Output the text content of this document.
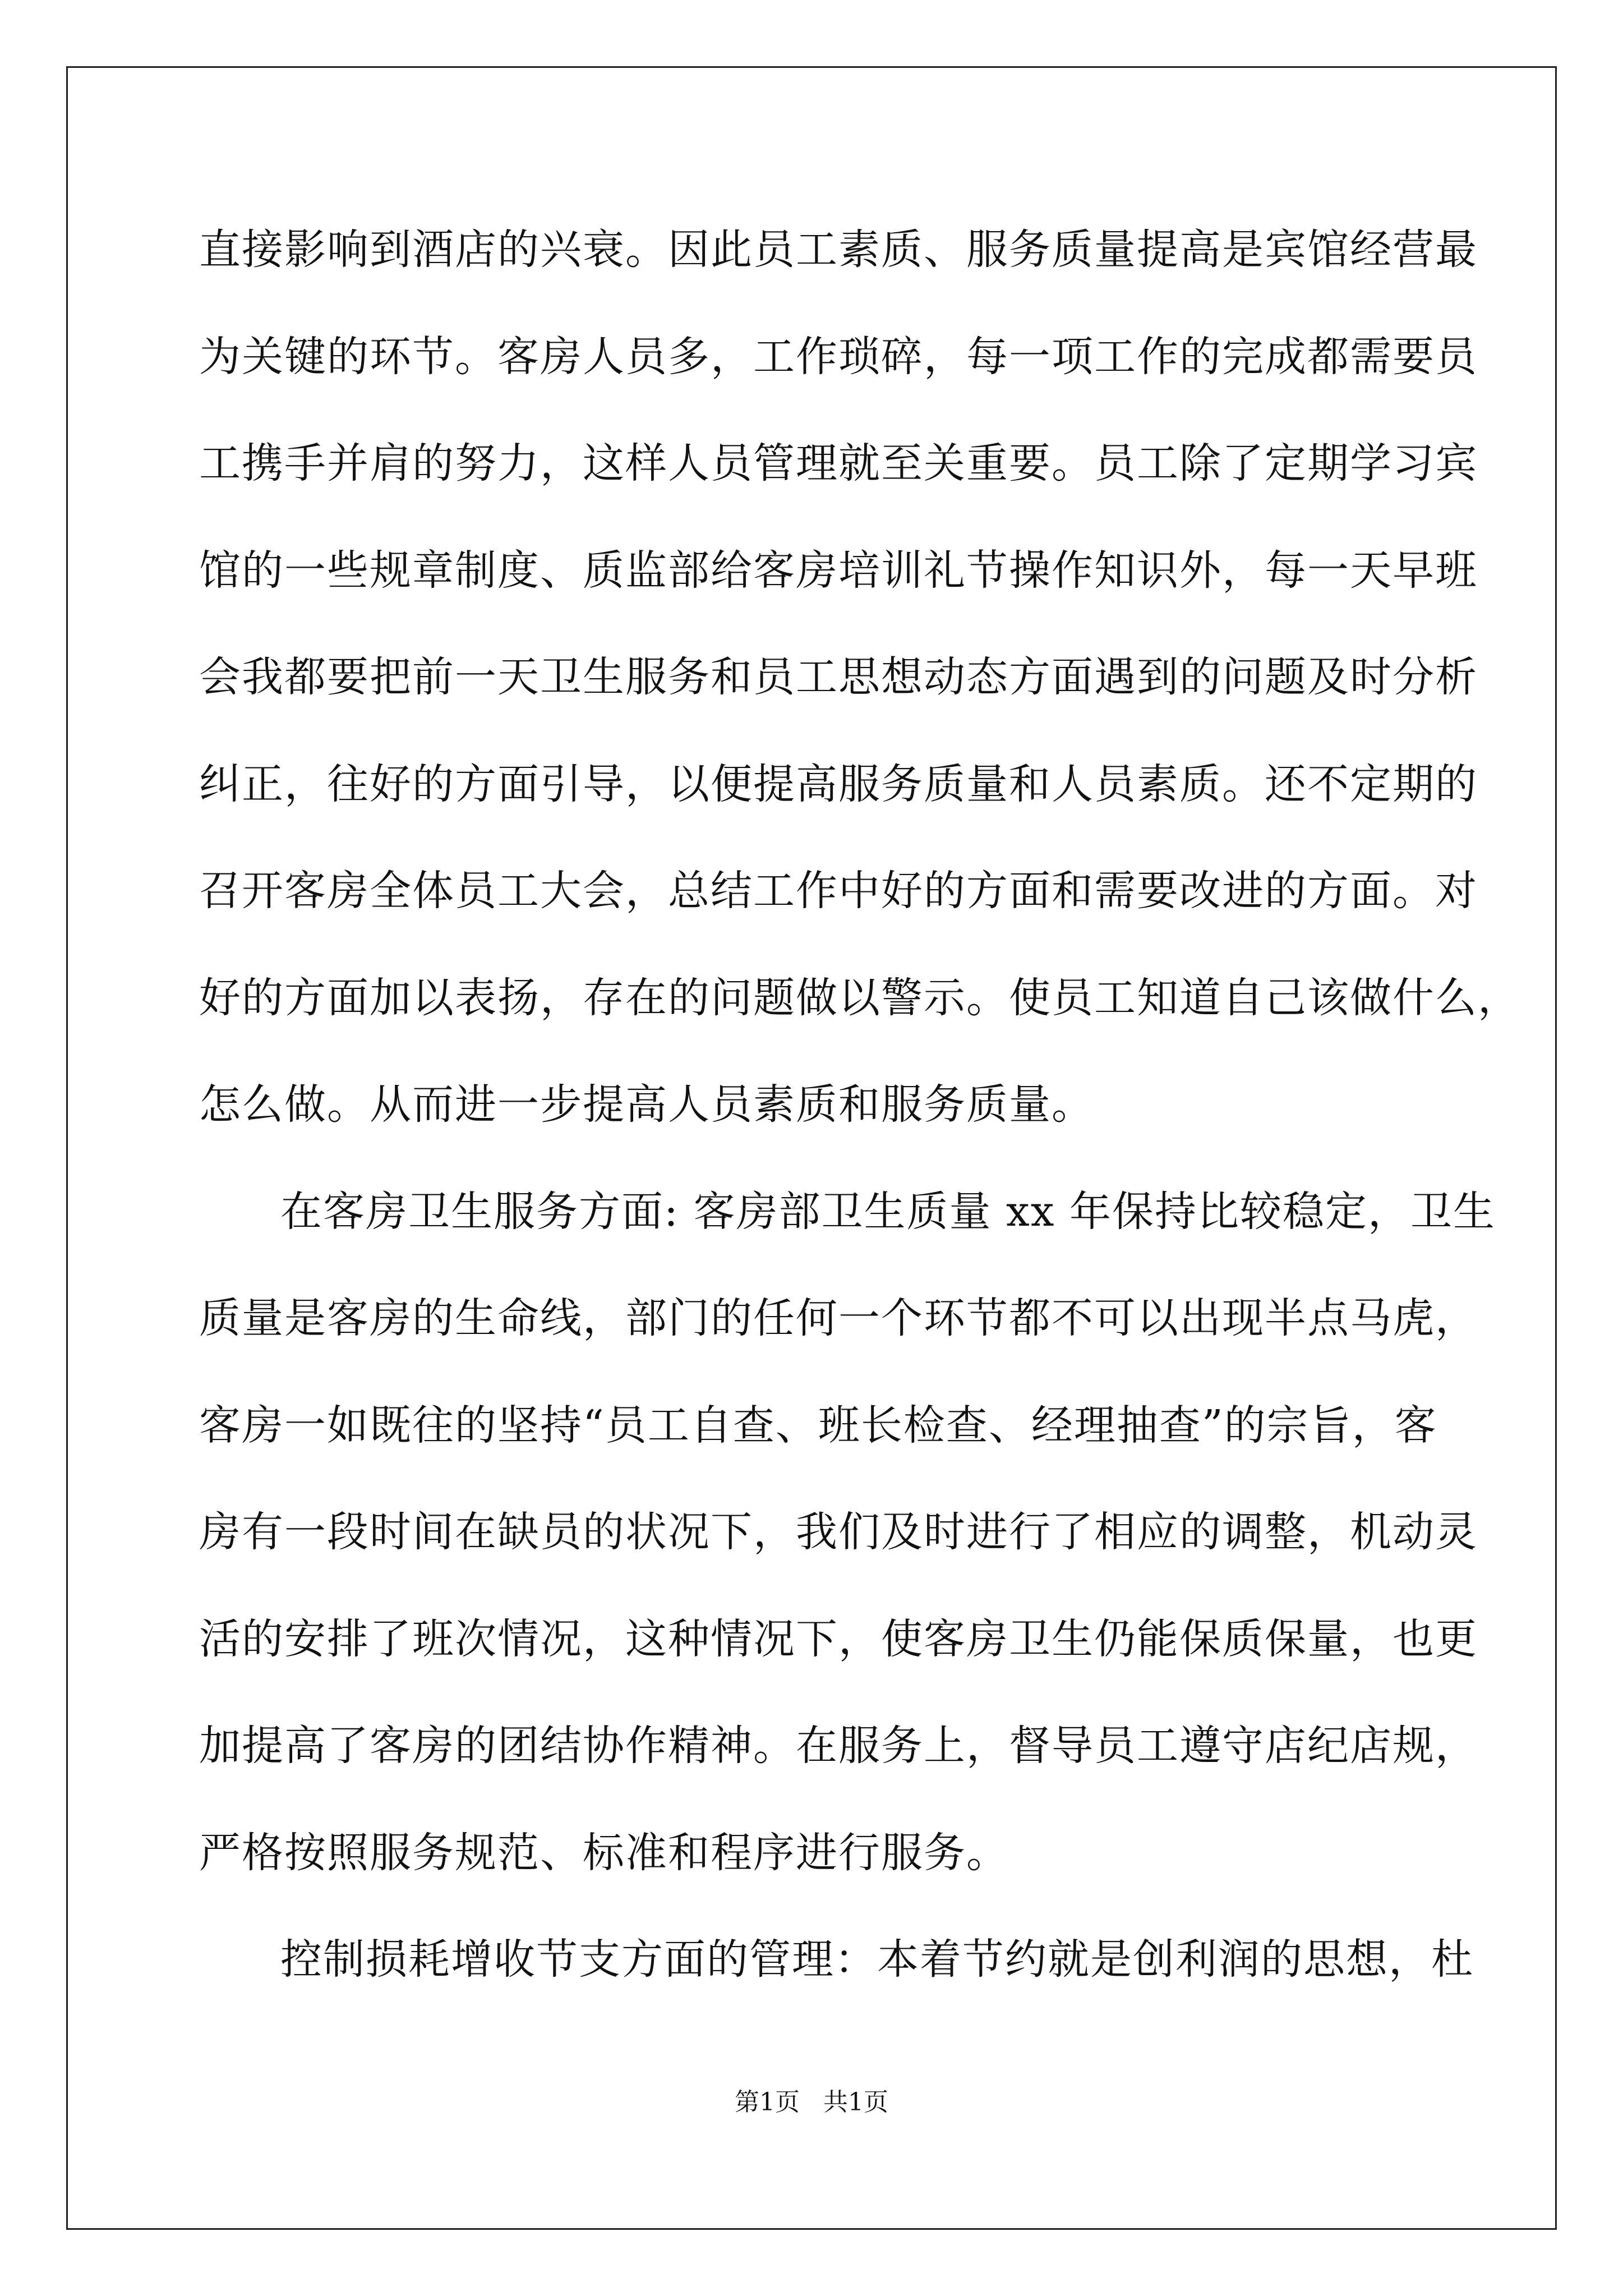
直接影响到酒店的兴衰。因此员工素质、服务质量提高是宾馆经营最
为关键的环节。客房人员多，工作琐碎，每一项工作的完成都需要员
工携手并肩的努力，这样人员管理就至关重要。员工除了定期学习宾
馆的一些规章制度、质监部给客房培训礼节操作知识外，每一天早班
会我都要把前一天卫生服务和员工思想动态方面遇到的问题及时分析
纠正，往好的方面引导，以便提高服务质量和人员素质。还不定期的
召开客房全体员工大会，总结工作中好的方面和需要改进的方面。对
好的方面加以表扬，存在的问题做以警示。使员工知道自己该做什么，
怎么做。从而进一步提高人员素质和服务质量。
在客房卫生服务方面: 客房部卫生质量 xx 年保持比较稳定，卫生
质量是客房的生命线，部门的任何一个环节都不可以出现半点马虎，
客房一如既往的坚持“员工自查、班长检查、经理抽查”的宗旨，客
房有一段时间在缺员的状况下，我们及时进行了相应的调整，机动灵
活的安排了班次情况，这种情况下，使客房卫生仍能保质保量，也更
加提高了客房的团结协作精神。在服务上，督导员工遵守店纪店规，
严格按照服务规范、标准和程序进行服务。
控制损耗增收节支方面的管理：本着节约就是创利润的思想，杜
第1页   共1页
